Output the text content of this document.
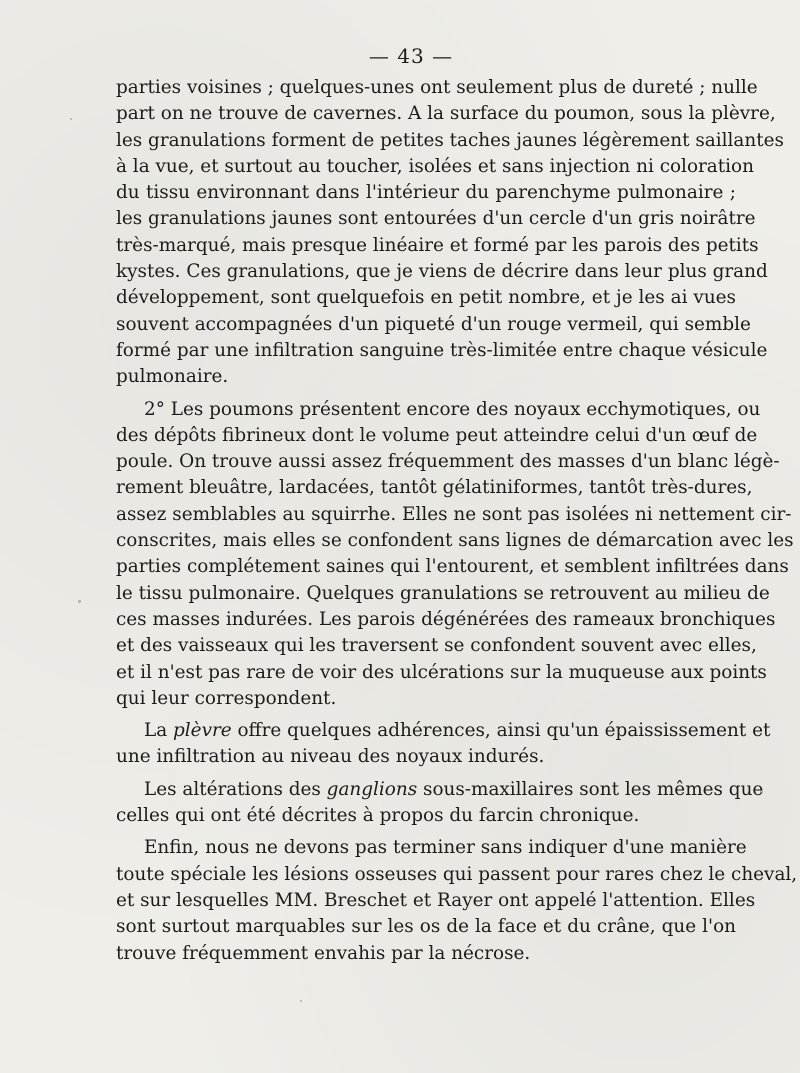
— 43 —
parties voisines ; quelques-unes ont seulement plus de dureté ; nulle
part on ne trouve de cavernes. A la surface du poumon, sous la plèvre,
les granulations forment de petites taches jaunes légèrement saillantes
à la vue, et surtout au toucher, isolées et sans injection ni coloration
du tissu environnant dans l'intérieur du parenchyme pulmonaire ;
les granulations jaunes sont entourées d'un cercle d'un gris noirâtre
très-marqué, mais presque linéaire et formé par les parois des petits
kystes. Ces granulations, que je viens de décrire dans leur plus grand
développement, sont quelquefois en petit nombre, et je les ai vues
souvent accompagnées d'un piqueté d'un rouge vermeil, qui semble
formé par une infiltration sanguine très-limitée entre chaque vésicule
pulmonaire.
2° Les poumons présentent encore des noyaux ecchymotiques, ou
des dépôts fibrineux dont le volume peut atteindre celui d'un œuf de
poule. On trouve aussi assez fréquemment des masses d'un blanc légè-
rement bleuâtre, lardacées, tantôt gélatiniformes, tantôt très-dures,
assez semblables au squirrhe. Elles ne sont pas isolées ni nettement cir-
conscrites, mais elles se confondent sans lignes de démarcation avec les
parties complétement saines qui l'entourent, et semblent infiltrées dans
le tissu pulmonaire. Quelques granulations se retrouvent au milieu de
ces masses indurées. Les parois dégénérées des rameaux bronchiques
et des vaisseaux qui les traversent se confondent souvent avec elles,
et il n'est pas rare de voir des ulcérations sur la muqueuse aux points
qui leur correspondent.
La plèvre offre quelques adhérences, ainsi qu'un épaississement et
une infiltration au niveau des noyaux indurés.
Les altérations des ganglions sous-maxillaires sont les mêmes que
celles qui ont été décrites à propos du farcin chronique.
Enfin, nous ne devons pas terminer sans indiquer d'une manière
toute spéciale les lésions osseuses qui passent pour rares chez le cheval,
et sur lesquelles MM. Breschet et Rayer ont appelé l'attention. Elles
sont surtout marquables sur les os de la face et du crâne, que l'on
trouve fréquemment envahis par la nécrose.
